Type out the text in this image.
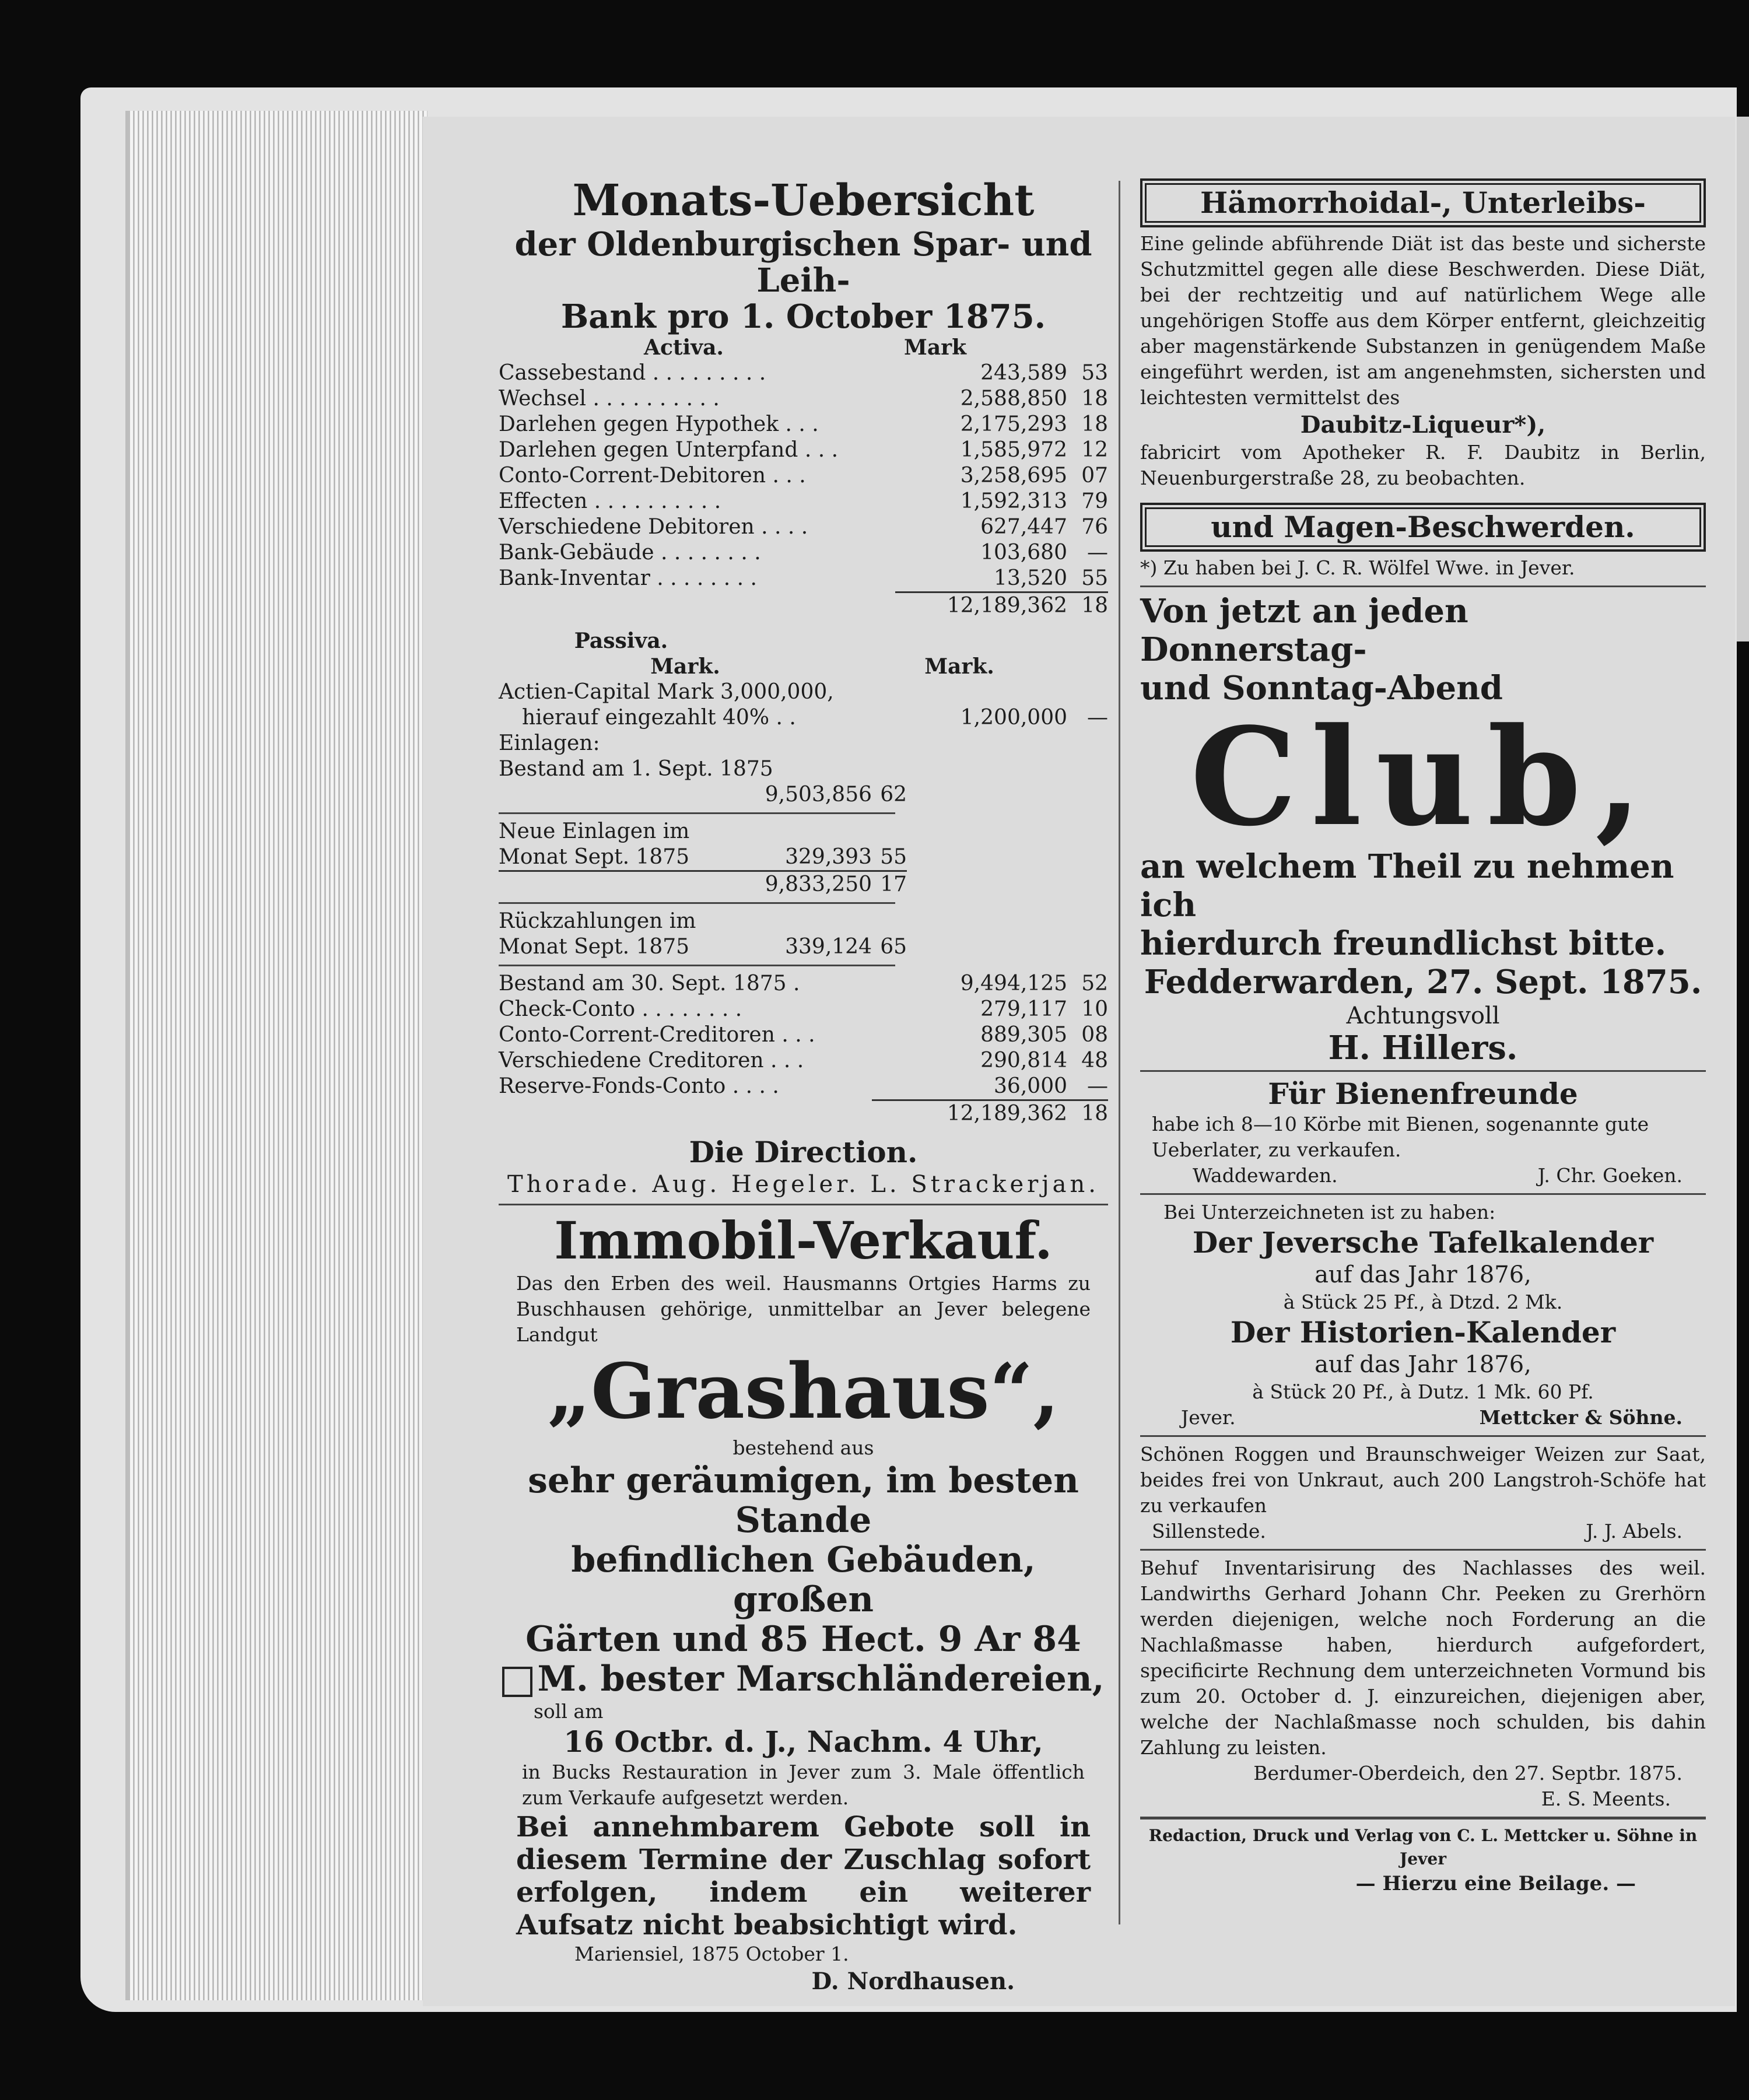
Monats-Uebersicht
der Oldenburgischen Spar- und Leih-
Bank pro 1. October 1875.
Activa.	Mark
Cassebestand . . . . . . . . .	243,589 53
Wechsel . . . . . . . . . .	2,588,850 18
Darlehen gegen Hypothek . . .	2,175,293 18
Darlehen gegen Unterpfand . . .	1,585,972 12
Conto-Corrent-Debitoren . . .	3,258,695 07
Effecten . . . . . . . . . .	1,592,313 79
Verschiedene Debitoren . . . .	627,447 76
Bank-Gebäude . . . . . . . .	103,680 —
Bank-Inventar . . . . . . . .	13,520 55
12,189,362 18
Passiva.
Mark.	Mark.
Actien-Capital Mark 3,000,000,
hierauf eingezahlt 40% . .	1,200,000 —
Einlagen:
Bestand am 1. Sept. 1875
9,503,856 62
Neue Einlagen im
Monat Sept. 1875	329,393 55
9,833,250 17
Rückzahlungen im
Monat Sept. 1875	339,124 65
Bestand am 30. Sept. 1875 .	9,494,125 52
Check-Conto . . . . . . . .	279,117 10
Conto-Corrent-Creditoren . . .	889,305 08
Verschiedene Creditoren . . .	290,814 48
Reserve-Fonds-Conto . . . .	36,000 —
12,189,362 18
Die Direction.
Thorade. Aug. Hegeler. L. Strackerjan.
Immobil-Verkauf.
Das den Erben des weil. Hausmanns Ortgies Harms zu Buschhausen gehörige, unmittelbar an Jever belegene Landgut
„Grashaus“,
bestehend aus
sehr geräumigen, im besten Stande
befindlichen Gebäuden, großen
Gärten und 85 Hect. 9 Ar 84
M. bester Marschländereien,
soll am
16 Octbr. d. J., Nachm. 4 Uhr,
in Bucks Restauration in Jever zum 3. Male öffentlich zum Verkaufe aufgesetzt werden.
Bei annehmbarem Gebote soll in diesem Termine der Zuschlag sofort erfolgen, indem ein weiterer Aufsatz nicht beabsichtigt wird.
Mariensiel, 1875 October 1.
D. Nordhausen.
Hämorrhoidal-, Unterleibs-
Eine gelinde abführende Diät ist das beste und sicherste Schutzmittel gegen alle diese Beschwerden. Diese Diät, bei der rechtzeitig und auf natürlichem Wege alle ungehörigen Stoffe aus dem Körper entfernt, gleichzeitig aber magenstärkende Substanzen in genügendem Maße eingeführt werden, ist am angenehmsten, sichersten und leichtesten vermittelst des
Daubitz-Liqueur*),
fabricirt vom Apotheker R. F. Daubitz in Berlin, Neuenburgerstraße 28, zu beobachten.
und Magen-Beschwerden.
*) Zu haben bei J. C. R. Wölfel Wwe. in Jever.
Von jetzt an jeden Donnerstag-
und Sonntag-Abend
Club,
an welchem Theil zu nehmen ich
hierdurch freundlichst bitte.
Fedderwarden, 27. Sept. 1875.
Achtungsvoll
H. Hillers.
Für Bienenfreunde
habe ich 8—10 Körbe mit Bienen, sogenannte gute Ueberlater, zu verkaufen.
Waddewarden.	J. Chr. Goeken.
Bei Unterzeichneten ist zu haben:
Der Jeversche Tafelkalender
auf das Jahr 1876,
à Stück 25 Pf., à Dtzd. 2 Mk.
Der Historien-Kalender
auf das Jahr 1876,
à Stück 20 Pf., à Dutz. 1 Mk. 60 Pf.
Jever.	Mettcker & Söhne.
Schönen Roggen und Braunschweiger Weizen zur Saat, beides frei von Unkraut, auch 200 Langstroh-Schöfe hat zu verkaufen
Sillenstede.	J. J. Abels.
Behuf Inventarisirung des Nachlasses des weil. Landwirths Gerhard Johann Chr. Peeken zu Grerhörn werden diejenigen, welche noch Forderung an die Nachlaßmasse haben, hierdurch aufgefordert, specificirte Rechnung dem unterzeichneten Vormund bis zum 20. October d. J. einzureichen, diejenigen aber, welche der Nachlaßmasse noch schulden, bis dahin Zahlung zu leisten.
Berdumer-Oberdeich, den 27. Septbr. 1875.
E. S. Meents.
Redaction, Druck und Verlag von C. L. Mettcker u. Söhne in Jever
— Hierzu eine Beilage. —
